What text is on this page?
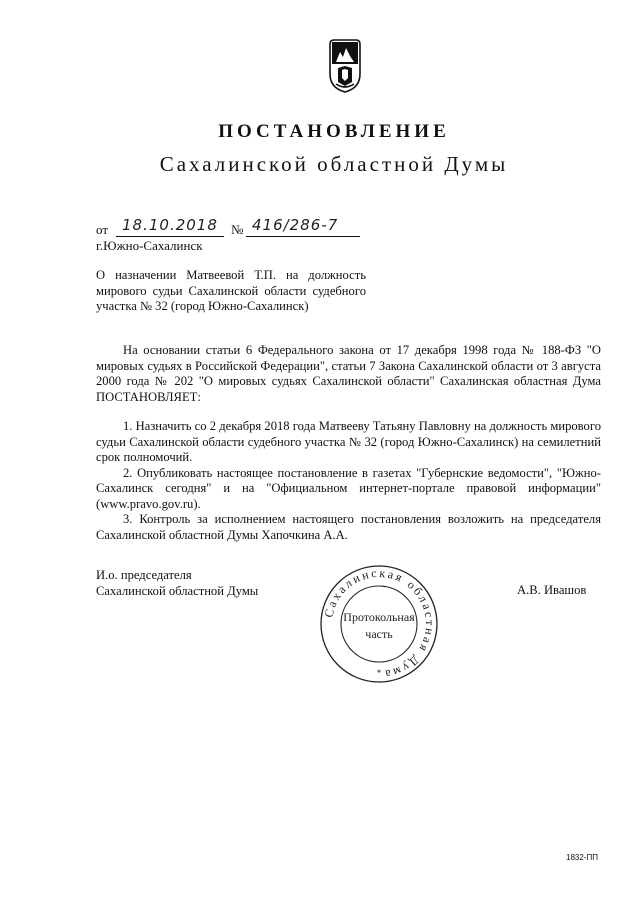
ПОСТАНОВЛЕНИЕ
Сахалинской областной Думы
от 18.10.2018 № 416/286-7
г.Южно-Сахалинск
О назначении Матвеевой Т.П. на должность мирового судьи Сахалинской области судебного участка № 32 (город Южно-Сахалинск)

На основании статьи 6 Федерального закона от 17 декабря 1998 года № 188-ФЗ "О мировых судьях в Российской Федерации", статьи 7 Закона Сахалинской области от 3 августа 2000 года № 202 "О мировых судьях Сахалинской области" Сахалинская областная Дума ПОСТАНОВЛЯЕТ:

1. Назначить со 2 декабря 2018 года Матвееву Татьяну Павловну на должность мирового судьи Сахалинской области судебного участка № 32 (город Южно-Сахалинск) на семилетний срок полномочий.

2. Опубликовать настоящее постановление в газетах "Губернские ведомости", "Южно-Сахалинск сегодня" и на "Официальном интернет-портале правовой информации" (www.pravo.gov.ru).

3. Контроль за исполнением настоящего постановления возложить на председателя Сахалинской областной Думы Хапочкина А.А.

И.о. председателя
Сахалинской областной Думы
Сахалинская областная Дума
Протокольная
часть
*
А.В. Ивашов
1832-ПП
